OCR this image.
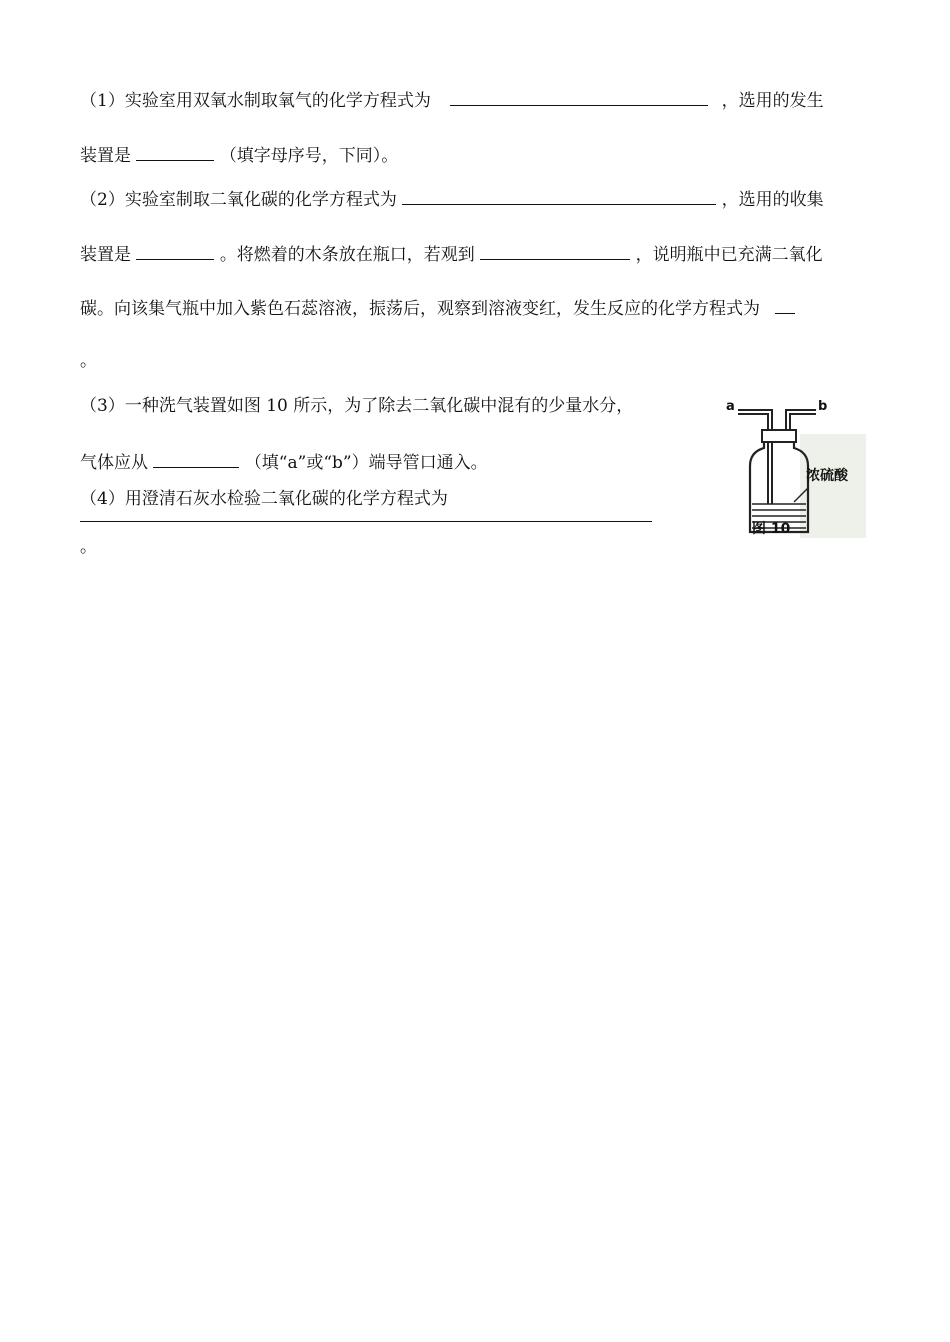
（1）实验室用双氧水制取氧气的化学方程式为	，选用的发生
装置是	（填字母序号，下同）。
（2）实验室制取二氧化碳的化学方程式为	，选用的收集
装置是	。将燃着的木条放在瓶口，若观到	，说明瓶中已充满二氧化
碳。向该集气瓶中加入紫色石蕊溶液，振荡后，观察到溶液变红，发生反应的化学方程式为
。
（3）一种洗气装置如图 10 所示，为了除去二氧化碳中混有的少量水分，
气体应从	（填“a”或“b”）端导管口通入。
（4）用澄清石灰水检验二氧化碳的化学方程式为
。
a	b
浓硫酸
图 10
